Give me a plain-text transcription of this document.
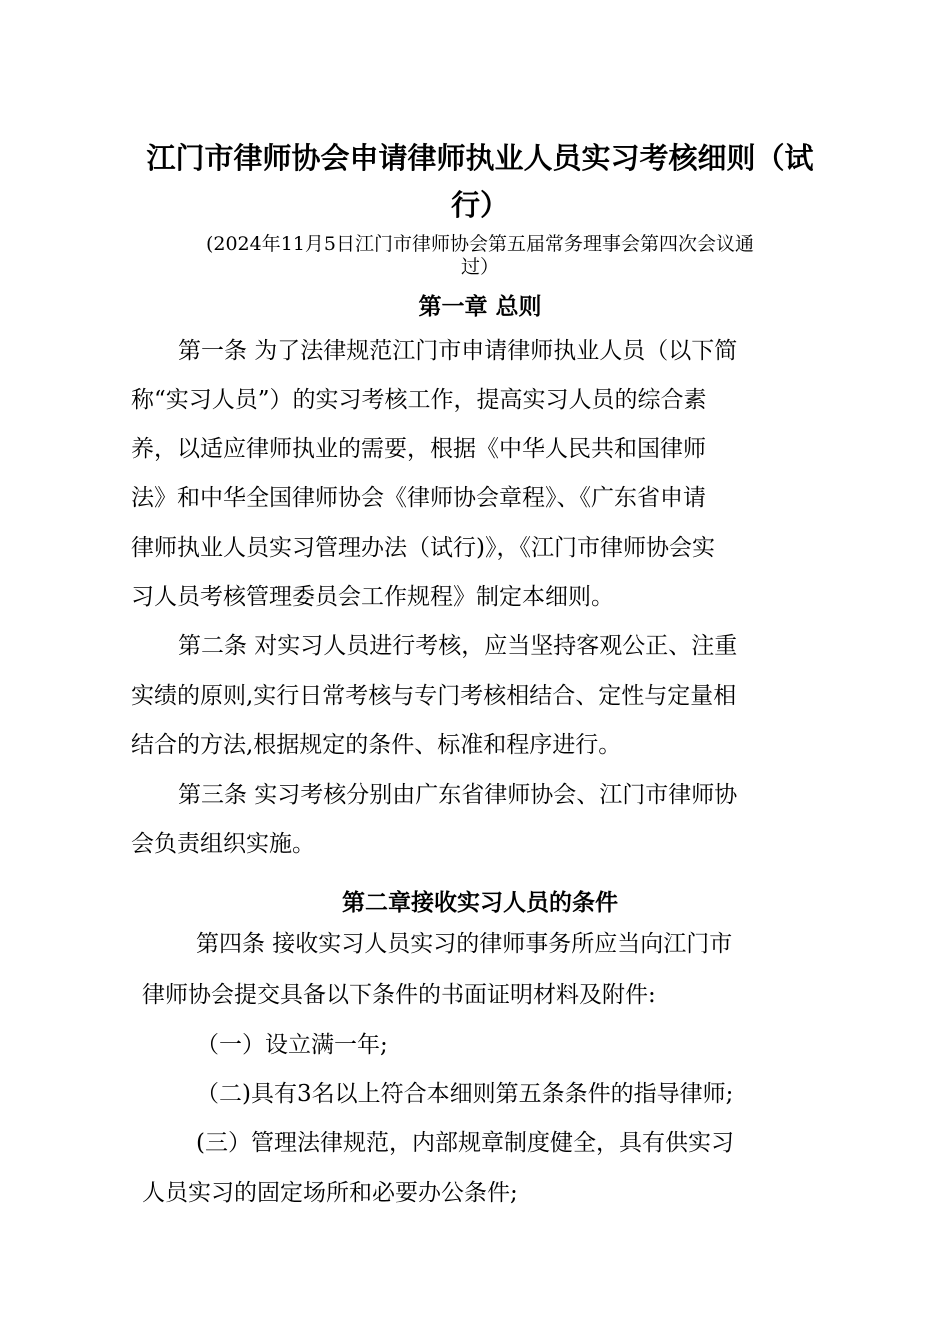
江门市律师协会申请律师执业人员实习考核细则（试
行）
(2024年11月5日江门市律师协会第五届常务理事会第四次会议通
过）
第一章 总则
第一条 为了法律规范江门市申请律师执业人员（以下简
称“实习人员”）的实习考核工作，提高实习人员的综合素
养，以适应律师执业的需要，根据《中华人民共和国律师
法》和中华全国律师协会《律师协会章程》、《广东省申请
律师执业人员实习管理办法（试行)》，《江门市律师协会实
习人员考核管理委员会工作规程》制定本细则。
第二条 对实习人员进行考核，应当坚持客观公正、注重
实绩的原则,实行日常考核与专门考核相结合、定性与定量相
结合的方法,根据规定的条件、标准和程序进行。
第三条 实习考核分别由广东省律师协会、江门市律师协
会负责组织实施。
第二章接收实习人员的条件
第四条 接收实习人员实习的律师事务所应当向江门市
律师协会提交具备以下条件的书面证明材料及附件:
（一）设立满一年;
（二)具有3名以上符合本细则第五条条件的指导律师;
(三）管理法律规范，内部规章制度健全，具有供实习
人员实习的固定场所和必要办公条件;
